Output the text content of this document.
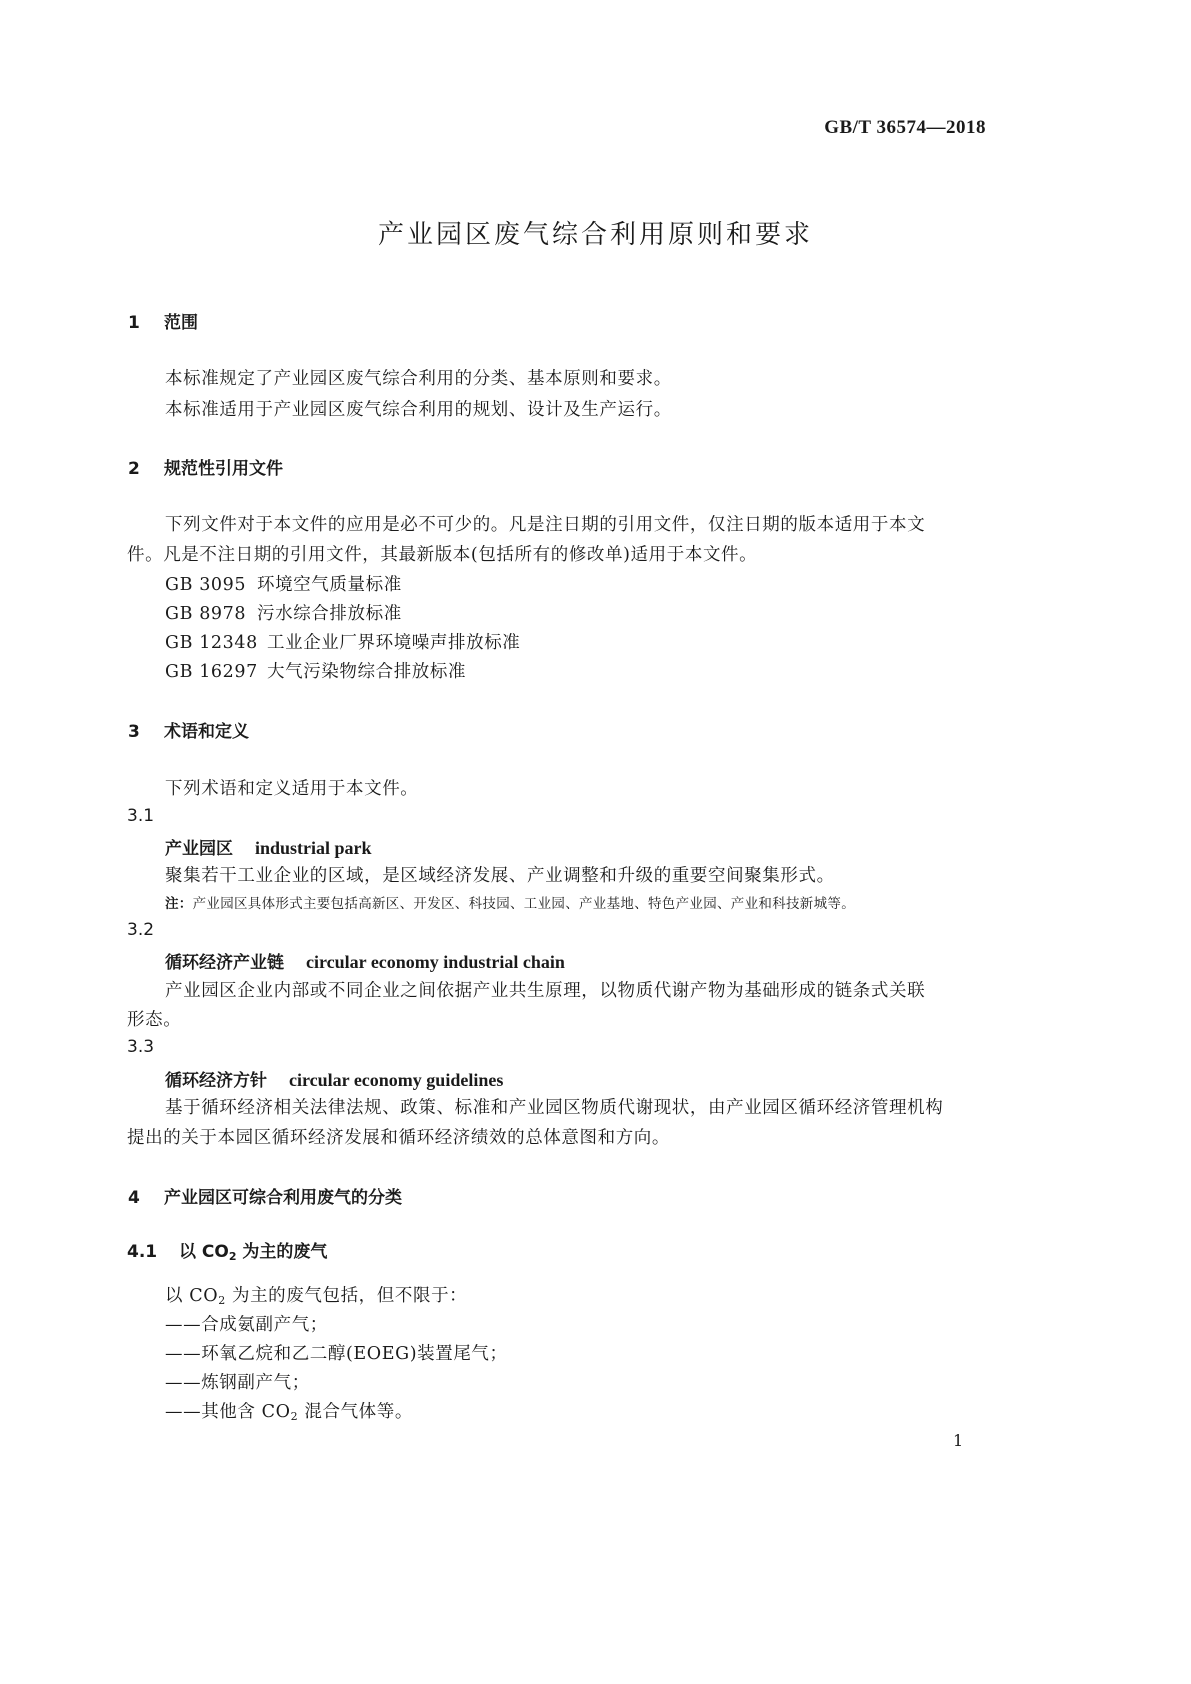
GB/T 36574—2018
产业园区废气综合利用原则和要求
1 范围
本标准规定了产业园区废气综合利用的分类、基本原则和要求。
本标准适用于产业园区废气综合利用的规划、设计及生产运行。
2 规范性引用文件
下列文件对于本文件的应用是必不可少的。凡是注日期的引用文件，仅注日期的版本适用于本文
件。凡是不注日期的引用文件，其最新版本(包括所有的修改单)适用于本文件。
GB 3095 环境空气质量标准
GB 8978 污水综合排放标准
GB 12348 工业企业厂界环境噪声排放标准
GB 16297 大气污染物综合排放标准
3 术语和定义
下列术语和定义适用于本文件。
3.1
产业园区 industrial park
聚集若干工业企业的区域，是区域经济发展、产业调整和升级的重要空间聚集形式。
注：产业园区具体形式主要包括高新区、开发区、科技园、工业园、产业基地、特色产业园、产业和科技新城等。
3.2
循环经济产业链 circular economy industrial chain
产业园区企业内部或不同企业之间依据产业共生原理，以物质代谢产物为基础形成的链条式关联
形态。
3.3
循环经济方针 circular economy guidelines
基于循环经济相关法律法规、政策、标准和产业园区物质代谢现状，由产业园区循环经济管理机构
提出的关于本园区循环经济发展和循环经济绩效的总体意图和方向。
4 产业园区可综合利用废气的分类
4.1 以 $CO_2$ 为主的废气
以 $CO_2$ 为主的废气包括，但不限于：
——合成氨副产气；
——环氧乙烷和乙二醇(EOEG)装置尾气；
——炼钢副产气；
——其他含 $CO_2$ 混合气体等。
1
